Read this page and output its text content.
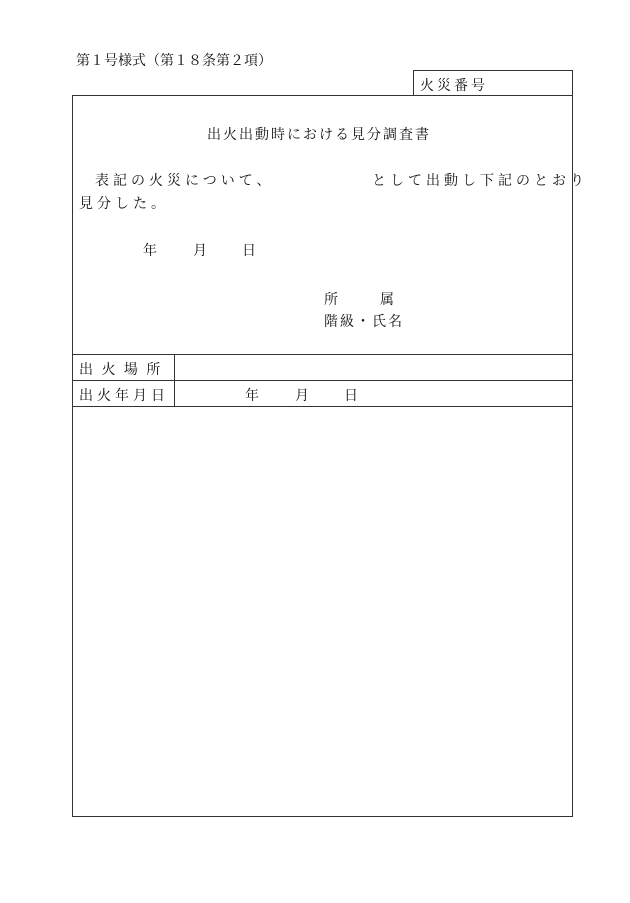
第１号様式（第１８条第２項）
火災番号
出火出動時における見分調査書
表記の火災について、	として出動し下記のとおり
見分した。
年	月	日
所　　　属
階級・氏名
出 火 場 所
出火年月日	年	月	日
